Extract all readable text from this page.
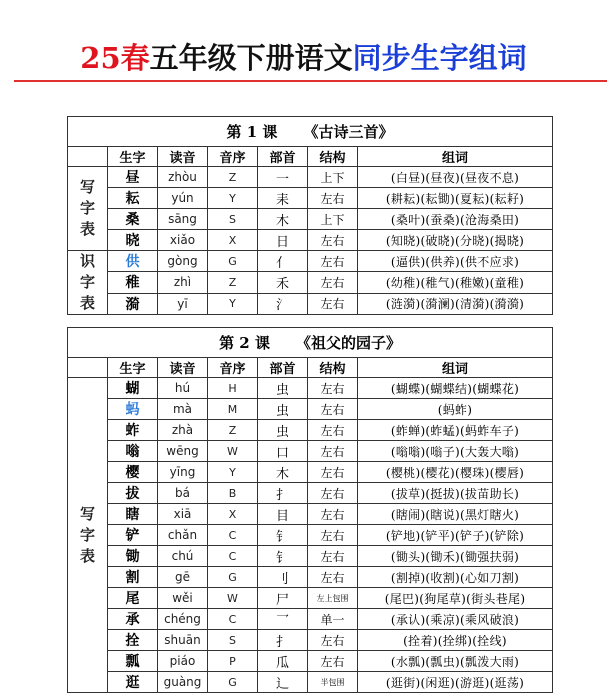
25春五年级下册语文同步生字组词
第 1 课 《古诗三首》						
	生字	读音	音序	部首	结构	组词

写
字
表	昼	zhòu	Z	一	上下	(白昼)(昼夜)(昼夜不息)
	耘	yún	Y	耒	左右	(耕耘)(耘锄)(夏耘)(耘耔)
	桑	sāng	S	木	上下	(桑叶)(蚕桑)(沧海桑田)
	晓	xiǎo	X	日	左右	(知晓)(破晓)(分晓)(揭晓)

识
字
表	供	gòng	G	亻	左右	(逼供)(供养)(供不应求)
	稚	zhì	Z	禾	左右	(幼稚)(稚气)(稚嫩)(童稚)
	漪	yī	Y	氵	左右	(涟漪)(漪澜)(清漪)(漪漪)
第 2 课 《祖父的园子》						
	生字	读音	音序	部首	结构	组词

写
字
表	蝴	hú	H	虫	左右	(蝴蝶)(蝴蝶结)(蝴蝶花)
	蚂	mà	M	虫	左右	(蚂蚱)
	蚱	zhà	Z	虫	左右	(蚱蝉)(蚱蜢)(蚂蚱车子)
	嗡	wēng	W	口	左右	(嗡嗡)(嗡子)(大轰大嗡)
	樱	yīng	Y	木	左右	(樱桃)(樱花)(樱珠)(樱唇)
	拔	bá	B	扌	左右	(拔草)(挺拔)(拔苗助长)
	瞎	xiā	X	目	左右	(瞎闹)(瞎说)(黑灯瞎火)
	铲	chǎn	C	钅	左右	(铲地)(铲平)(铲子)(铲除)
	锄	chú	C	钅	左右	(锄头)(锄禾)(锄强扶弱)
	割	gē	G	刂	左右	(割掉)(收割)(心如刀割)
	尾	wěi	W	尸	左上包围	(尾巴)(狗尾草)(街头巷尾)
	承	chéng	C	乛	单一	(承认)(乘凉)(乘风破浪)
	拴	shuān	S	扌	左右	(拴着)(拴绑)(拴线)
	瓢	piáo	P	瓜	左右	(水瓢)(瓢虫)(瓢泼大雨)
	逛	guàng	G	辶	半包围	(逛街)(闲逛)(游逛)(逛荡)
